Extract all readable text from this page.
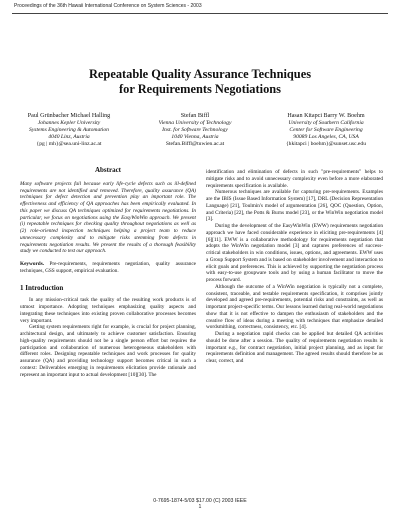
Proceedings of the 36th Hawaii International Conference on System Sciences - 2003
Repeatable Quality Assurance Techniques
for Requirements Negotiations
Paul Grünbacher Michael Halling
Johannes Kepler University
Systems Engineering & Automation
4040 Linz, Austria
{pg | mh}@sea.uni-linz.ac.at
Stefan Biffl
Vienna University of Technology
Inst. for Software Technology
1040 Vienna, Austria
Stefan.Biffl@tuwien.ac.at
Hasan Kitapci Barry W. Boehm
University of Southern California
Center for Software Engineering
90089 Los Angeles, CA, USA
{hkitapci | boehm}@sunset.usc.edu
Abstract
Many software projects fail because early life-cycle defects such as ill-defined requirements are not identified and removed. Therefore, quality assurance (QA) techniques for defect detection and prevention play an important role. The effectiveness and efficiency of QA approaches has been empirically evaluated. In this paper we discuss QA techniques optimized for requirements negotiations. In particular, we focus on negotiations using the EasyWinWin approach. We present (i) repeatable techniques for checking quality throughout negotiations as well as (2) role-oriented inspection techniques helping a project team to reduce unnecessary complexity and to mitigate risks stemming from defects in requirements negotiation results. We present the results of a thorough feasibility study we conducted to test our approach.
Keywords. Pre-requirements, requirements negotiation, quality assurance techniques, GSS support, empirical evaluation.
1 Introduction

In any mission-critical task the quality of the resulting work products is of utmost importance. Adopting techniques emphasizing quality aspects and integrating these techniques into existing proven collaborative processes becomes very important.

Getting system requirements right for example, is crucial for project planning, architectural design, and ultimately to achieve customer satisfaction. Ensuring high-quality requirements should not be a single person effort but requires the participation and collaboration of numerous heterogeneous stakeholders with different roles. Designing repeatable techniques and work processes for quality assurance (QA) and providing technology support becomes critical in such a context: Deliverables emerging in requirements elicitation provide rationale and represent an important input to actual development [10][30]. The

identification and elimination of defects in such "pre-requirements" helps to mitigate risks and to avoid unnecessary complexity even before a more elaborated requirements specification is available.

Numerous techniques are available for capturing pre-requirements. Examples are the IBIS (Issue Based Information System) [17], DRL (Decision Representation Language) [21], Toulmin's model of argumentation [26], QOC (Question, Option, and Criteria) [22], the Potts & Burns model [23], or the WinWin negotiation model [3].

During the development of the EasyWinWin (EWW) requirements negotiation approach we have faced considerable experience in eliciting pre-requirements [4][6][11]. EWW is a collaborative methodology for requirements negotiation that adopts the WinWin negotiation model [3] and captures preferences of success-critical stakeholders in win conditions, issues, options, and agreements. EWW uses a Group Support System and is based on stakeholder involvement and interaction to elicit goals and preferences. This is achieved by supporting the negotiation process with easy-to-use groupware tools and by using a human facilitator to move the process forward.

Although the outcome of a WinWin negotiation is typically not a complete, consistent, traceable, and testable requirements specification, it comprises jointly developed and agreed pre-requirements, potential risks and constraints, as well as important project-specific terms. Our lessons learned during real-world negotiations show that it is not effective to dampen the enthusiasm of stakeholders and the creative flow of ideas during a meeting with techniques that emphasize detailed wordsmithing, correctness, consistency, etc. [4].

During a negotiation rapid checks can be applied but detailed QA activities should be done after a session. The quality of requirements negotiation results is important e.g., for contract negotiation, initial project planning, and as input for requirements definition and management. The agreed results should therefore be as clear, correct, and

0-7695-1874-5/03 $17.00 (C) 2003 IEEE
1
